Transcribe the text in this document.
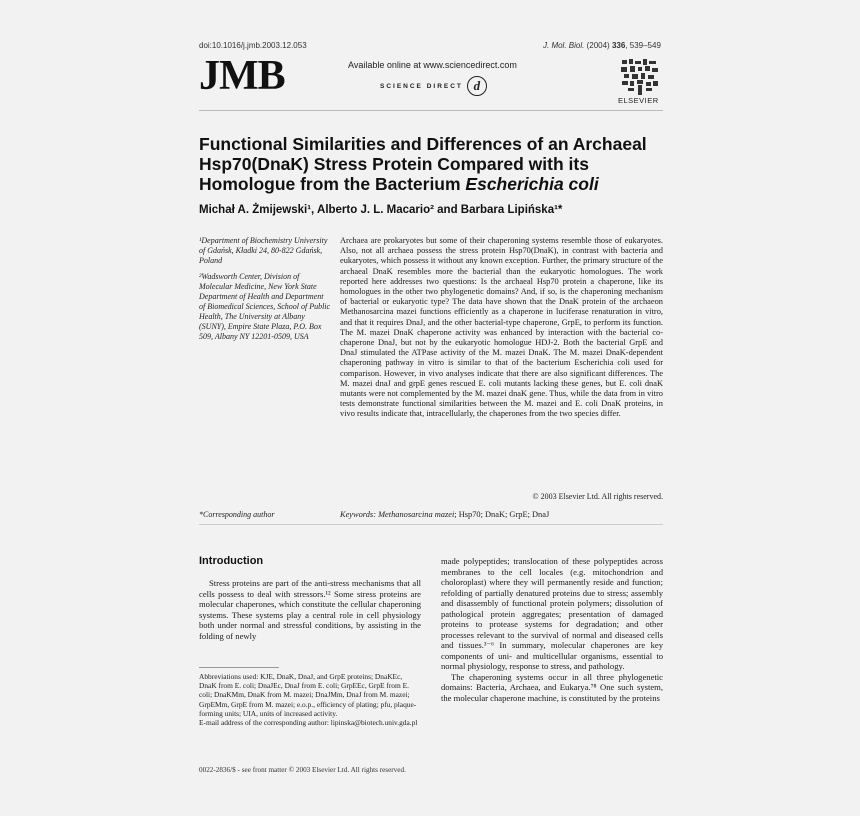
doi:10.1016/j.jmb.2003.12.053	J. Mol. Biol. (2004) 336, 539–549
JMB	Available online at www.sciencedirect.com
SCIENCE DIRECT d
ELSEVIER
Functional Similarities and Differences of an Archaeal Hsp70(DnaK) Stress Protein Compared with its Homologue from the Bacterium Escherichia coli
Michał A. Żmijewski¹, Alberto J. L. Macario² and Barbara Lipińska¹*

¹Department of Biochemistry University of Gdańsk, Kładki 24, 80-822 Gdańsk, Poland

²Wadsworth Center, Division of Molecular Medicine, New York State Department of Health and Department of Biomedical Sciences, School of Public Health, The University at Albany (SUNY), Empire State Plaza, P.O. Box 509, Albany NY 12201-0509, USA

Archaea are prokaryotes but some of their chaperoning systems resemble those of eukaryotes. Also, not all archaea possess the stress protein Hsp70(DnaK), in contrast with bacteria and eukaryotes, which possess it without any known exception. Further, the primary structure of the archaeal DnaK resembles more the bacterial than the eukaryotic homologues. The work reported here addresses two questions: Is the archaeal Hsp70 protein a chaperone, like its homologues in the other two phylogenetic domains? And, if so, is the chaperoning mechanism of bacterial or eukaryotic type? The data have shown that the DnaK protein of the archaeon Methanosarcina mazei functions efficiently as a chaperone in luciferase renaturation in vitro, and that it requires DnaJ, and the other bacterial-type chaperone, GrpE, to perform its function. The M. mazei DnaK chaperone activity was enhanced by interaction with the bacterial co-chaperone DnaJ, but not by the eukaryotic homologue HDJ-2. Both the bacterial GrpE and DnaJ stimulated the ATPase activity of the M. mazei DnaK. The M. mazei DnaK-dependent chaperoning pathway in vitro is similar to that of the bacterium Escherichia coli used for comparison. However, in vivo analyses indicate that there are also significant differences. The M. mazei dnaJ and grpE genes rescued E. coli mutants lacking these genes, but E. coli dnaK mutants were not complemented by the M. mazei dnaK gene. Thus, while the data from in vitro tests demonstrate functional similarities between the M. mazei and E. coli DnaK proteins, in vivo results indicate that, intracellularly, the chaperones from the two species differ.
© 2003 Elsevier Ltd. All rights reserved.
*Corresponding author	Keywords: Methanosarcina mazei; Hsp70; DnaK; GrpE; DnaJ
Introduction
Stress proteins are part of the anti-stress mechanisms that all cells possess to deal with stressors.¹² Some stress proteins are molecular chaperones, which constitute the cellular chaperoning systems. These systems play a central role in cell physiology both under normal and stressful conditions, by assisting in the folding of newly
made polypeptides; translocation of these polypeptides across membranes to the cell locales (e.g. mitochondrion and choloroplast) where they will permanently reside and function; refolding of partially denatured proteins due to stress; assembly and disassembly of functional protein polymers; dissolution of pathological protein aggregates; presentation of damaged proteins to protease systems for degradation; and other processes relevant to the survival of normal and diseased cells and tissues.³⁻⁶ In summary, molecular chaperones are key components of uni- and multicellular organisms, essential to normal physiology, response to stress, and pathology.
The chaperoning systems occur in all three phylogenetic domains: Bacteria, Archaea, and Eukarya.⁷⁸ One such system, the molecular chaperone machine, is constituted by the proteins

Abbreviations used: KJE, DnaK, DnaJ, and GrpE proteins; DnaKEc, DnaK from E. coli; DnaJEc, DnaJ from E. coli; GrpEEc, GrpE from E. coli; DnaKMm, DnaK from M. mazei; DnaJMm, DnaJ from M. mazei; GrpEMm, GrpE from M. mazei; e.o.p., efficiency of plating; pfu, plaque-forming units; UIA, units of increased activity.

E-mail address of the corresponding author: lipinska@biotech.univ.gda.pl

0022-2836/$ - see front matter © 2003 Elsevier Ltd. All rights reserved.
